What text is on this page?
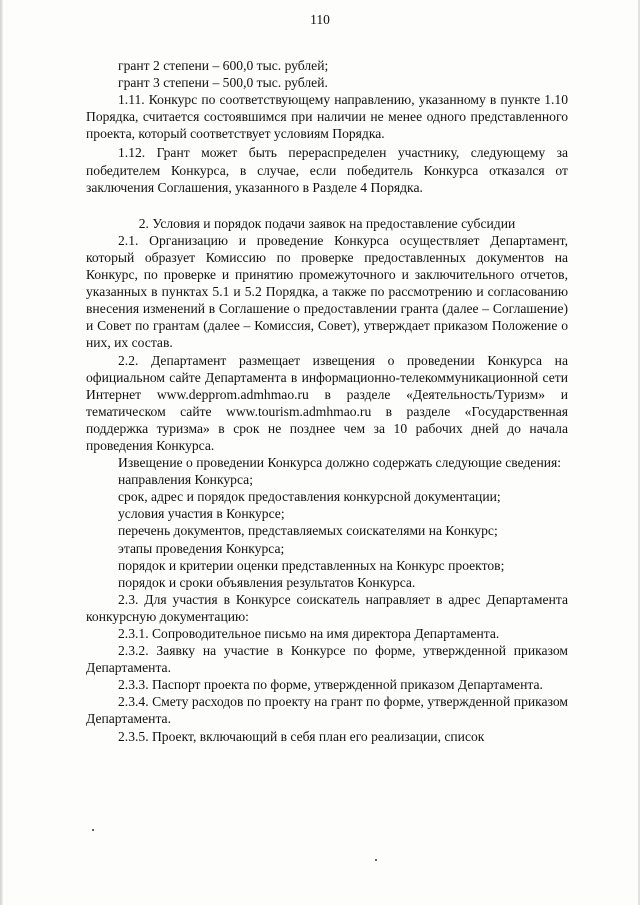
110

грант 2 степени – 600,0 тыс. рублей;

грант 3 степени – 500,0 тыс. рублей.

1.11. Конкурс по соответствующему направлению, указанному в пункте 1.10 Порядка, считается состоявшимся при наличии не менее одного представленного проекта, который соответствует условиям Порядка.

1.12. Грант может быть перераспределен участнику, следующему за победителем Конкурса, в случае, если победитель Конкурса отказался от заключения Соглашения, указанного в Разделе 4 Порядка.

2. Условия и порядок подачи заявок на предоставление субсидии

2.1. Организацию и проведение Конкурса осуществляет Департамент, который образует Комиссию по проверке предоставленных документов на Конкурс, по проверке и принятию промежуточного и заключительного отчетов, указанных в пунктах 5.1 и 5.2 Порядка, а также по рассмотрению и согласованию внесения изменений в Соглашение о предоставлении гранта (далее – Соглашение) и Совет по грантам (далее – Комиссия, Совет), утверждает приказом Положение о них, их состав.

2.2. Департамент размещает извещения о проведении Конкурса на официальном сайте Департамента в информационно-телекоммуникационной сети Интернет www.depprom.admhmao.ru в разделе «Деятельность/Туризм» и тематическом сайте www.tourism.admhmao.ru в разделе «Государственная поддержка туризма» в срок не позднее чем за 10 рабочих дней до начала проведения Конкурса.

Извещение о проведении Конкурса должно содержать следующие сведения:

направления Конкурса;

срок, адрес и порядок предоставления конкурсной документации;

условия участия в Конкурсе;

перечень документов, представляемых соискателями на Конкурс;

этапы проведения Конкурса;

порядок и критерии оценки представленных на Конкурс проектов;

порядок и сроки объявления результатов Конкурса.

2.3. Для участия в Конкурсе соискатель направляет в адрес Департамента конкурсную документацию:

2.3.1. Сопроводительное письмо на имя директора Департамента.

2.3.2. Заявку на участие в Конкурсе по форме, утвержденной приказом Департамента.

2.3.3. Паспорт проекта по форме, утвержденной приказом Департамента.

2.3.4. Смету расходов по проекту на грант по форме, утвержденной приказом Департамента.

2.3.5. Проект, включающий в себя план его реализации, список
